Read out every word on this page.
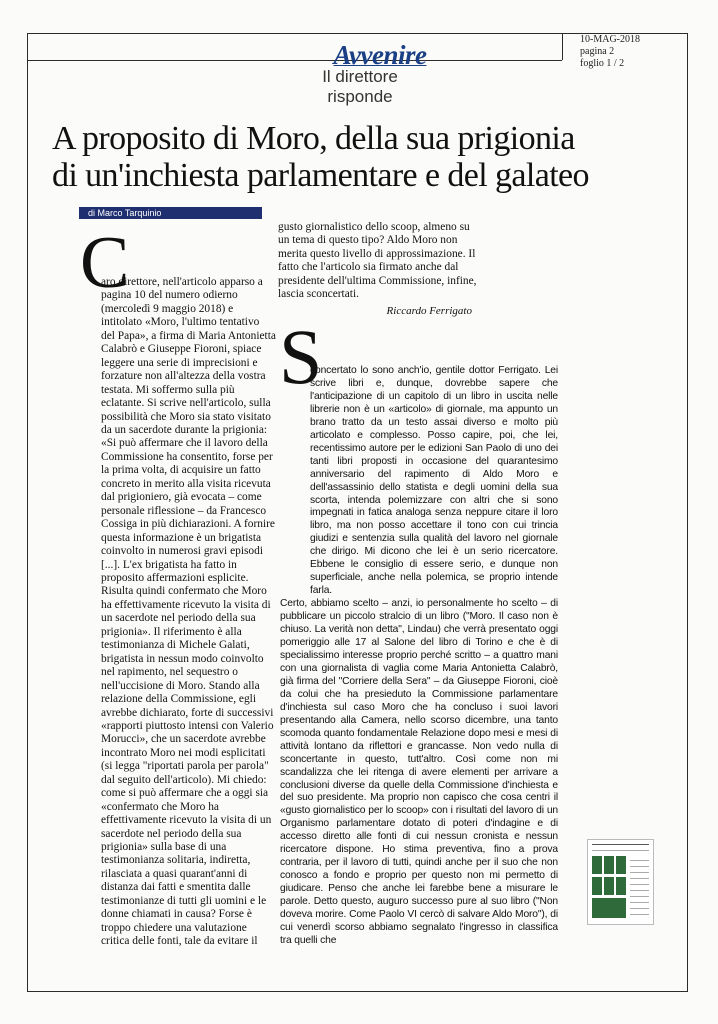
10-MAG-2018
pagina 2
foglio 1 / 2
Avvenire
Il direttore
risponde
A proposito di Moro, della sua prigionia
di un'inchiesta parlamentare e del galateo
di Marco Tarquinio
C

aro direttore, nell'articolo apparso a pagina 10 del numero odierno (mercoledì 9 maggio 2018) e intitolato «Moro, l'ultimo tentativo del Papa», a firma di Maria Antonietta Calabrò e Giuseppe Fioroni, spiace leggere una serie di imprecisioni e forzature non all'altezza della vostra testata. Mi soffermo sulla più eclatante. Si scrive nell'articolo, sulla possibilità che Moro sia stato visitato da un sacerdote durante la prigionia: «Si può affermare che il lavoro della Commissione ha consentito, forse per la prima volta, di acquisire un fatto concreto in merito alla visita ricevuta dal prigioniero, già evocata – come personale riflessione – da Francesco Cossiga in più dichiarazioni. A fornire questa informazione è un brigatista coinvolto in numerosi gravi episodi [...]. L'ex brigatista ha fatto in proposito affermazioni esplicite. Risulta quindi confermato che Moro ha effettivamente ricevuto la visita di un sacerdote nel periodo della sua prigionia». Il riferimento è alla testimonianza di Michele Galati, brigatista in nessun modo coinvolto nel rapimento, nel sequestro o nell'uccisione di Moro. Stando alla relazione della Commissione, egli avrebbe dichiarato, forte di successivi «rapporti piuttosto intensi con Valerio Morucci», che un sacerdote avrebbe incontrato Moro nei modi esplicitati (si legga "riportati parola per parola" dal seguito dell'articolo). Mi chiedo: come si può affermare che a oggi sia «confermato che Moro ha effettivamente ricevuto la visita di un sacerdote nel periodo della sua prigionia» sulla base di una testimonianza solitaria, indiretta, rilasciata a quasi quarant'anni di distanza dai fatti e smentita dalle testimonianze di tutti gli uomini e le donne chiamati in causa? Forse è troppo chiedere una valutazione critica delle fonti, tale da evitare il

gusto giornalistico dello scoop, almeno su un tema di questo tipo? Aldo Moro non merita questo livello di approssimazione. Il fatto che l'articolo sia firmato anche dal presidente dell'ultima Commissione, infine, lascia sconcertati.

Riccardo Ferrigato
S

concertato lo sono anch'io, gentile dottor Ferrigato. Lei scrive libri e, dunque, dovrebbe sapere che l'anticipazione di un capitolo di un libro in uscita nelle librerie non è un «articolo» di giornale, ma appunto un brano tratto da un testo assai diverso e molto più articolato e complesso. Posso capire, poi, che lei, recentissimo autore per le edizioni San Paolo di uno dei tanti libri proposti in occasione del quarantesimo anniversario del rapimento di Aldo Moro e dell'assassinio dello statista e degli uomini della sua scorta, intenda polemizzare con altri che si sono impegnati in fatica analoga senza neppure citare il loro libro, ma non posso accettare il tono con cui trincia giudizi e sentenzia sulla qualità del lavoro nel giornale che dirigo. Mi dicono che lei è un serio ricercatore. Ebbene le consiglio di essere serio, e dunque non superficiale, anche nella polemica, se proprio intende farla.

Certo, abbiamo scelto – anzi, io personalmente ho scelto – di pubblicare un piccolo stralcio di un libro ("Moro. Il caso non è chiuso. La verità non detta", Lindau) che verrà presentato oggi pomeriggio alle 17 al Salone del libro di Torino e che è di specialissimo interesse proprio perché scritto – a quattro mani con una giornalista di vaglia come Maria Antonietta Calabrò, già firma del "Corriere della Sera" – da Giuseppe Fioroni, cioè da colui che ha presieduto la Commissione parlamentare d'inchiesta sul caso Moro che ha concluso i suoi lavori presentando alla Camera, nello scorso dicembre, una tanto scomoda quanto fondamentale Relazione dopo mesi e mesi di attività lontano da riflettori e grancasse. Non vedo nulla di sconcertante in questo, tutt'altro. Così come non mi scandalizza che lei ritenga di avere elementi per arrivare a conclusioni diverse da quelle della Commissione d'inchiesta e del suo presidente. Ma proprio non capisco che cosa centri il «gusto giornalistico per lo scoop» con i risultati del lavoro di un Organismo parlamentare dotato di poteri d'indagine e di accesso diretto alle fonti di cui nessun cronista e nessun ricercatore dispone. Ho stima preventiva, fino a prova contraria, per il lavoro di tutti, quindi anche per il suo che non conosco a fondo e proprio per questo non mi permetto di giudicare. Penso che anche lei farebbe bene a misurare le parole. Detto questo, auguro successo pure al suo libro ("Non doveva morire. Come Paolo VI cercò di salvare Aldo Moro"), di cui venerdì scorso abbiamo segnalato l'ingresso in classifica tra quelli che
